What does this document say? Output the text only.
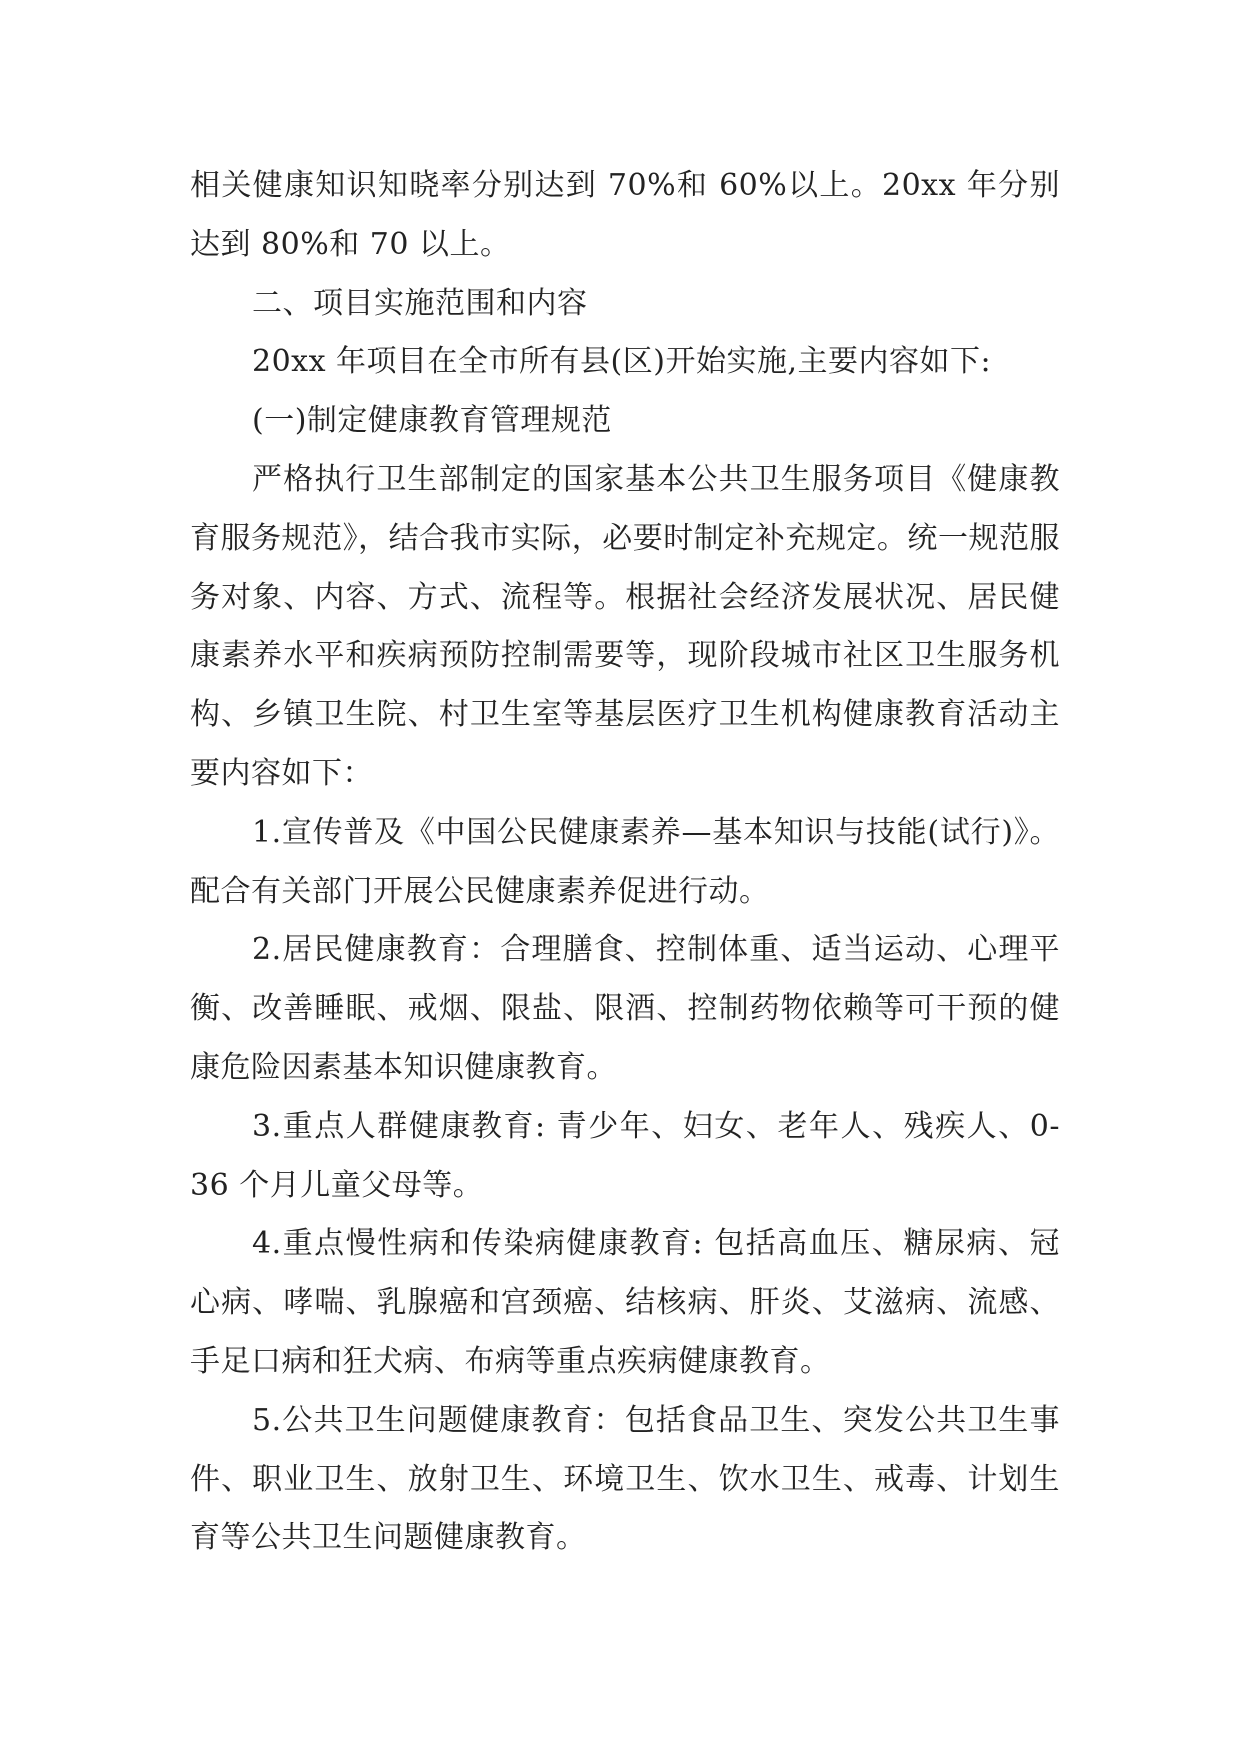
相关健康知识知晓率分别达到 70%和 60%以上。20xx 年分别达到 80%和 70 以上。

二、项目实施范围和内容

20xx 年项目在全市所有县(区)开始实施,主要内容如下:

(一)制定健康教育管理规范

严格执行卫生部制定的国家基本公共卫生服务项目《健康教育服务规范》，结合我市实际，必要时制定补充规定。统一规范服务对象、内容、方式、流程等。根据社会经济发展状况、居民健康素养水平和疾病预防控制需要等，现阶段城市社区卫生服务机构、乡镇卫生院、村卫生室等基层医疗卫生机构健康教育活动主要内容如下：

1.宣传普及《中国公民健康素养—基本知识与技能(试行)》。配合有关部门开展公民健康素养促进行动。

2.居民健康教育：合理膳食、控制体重、适当运动、心理平衡、改善睡眠、戒烟、限盐、限酒、控制药物依赖等可干预的健康危险因素基本知识健康教育。

3.重点人群健康教育: 青少年、妇女、老年人、残疾人、0-36 个月儿童父母等。

4.重点慢性病和传染病健康教育: 包括高血压、糖尿病、冠心病、哮喘、乳腺癌和宫颈癌、结核病、肝炎、艾滋病、流感、手足口病和狂犬病、布病等重点疾病健康教育。

5.公共卫生问题健康教育：包括食品卫生、突发公共卫生事件、职业卫生、放射卫生、环境卫生、饮水卫生、戒毒、计划生育等公共卫生问题健康教育。
